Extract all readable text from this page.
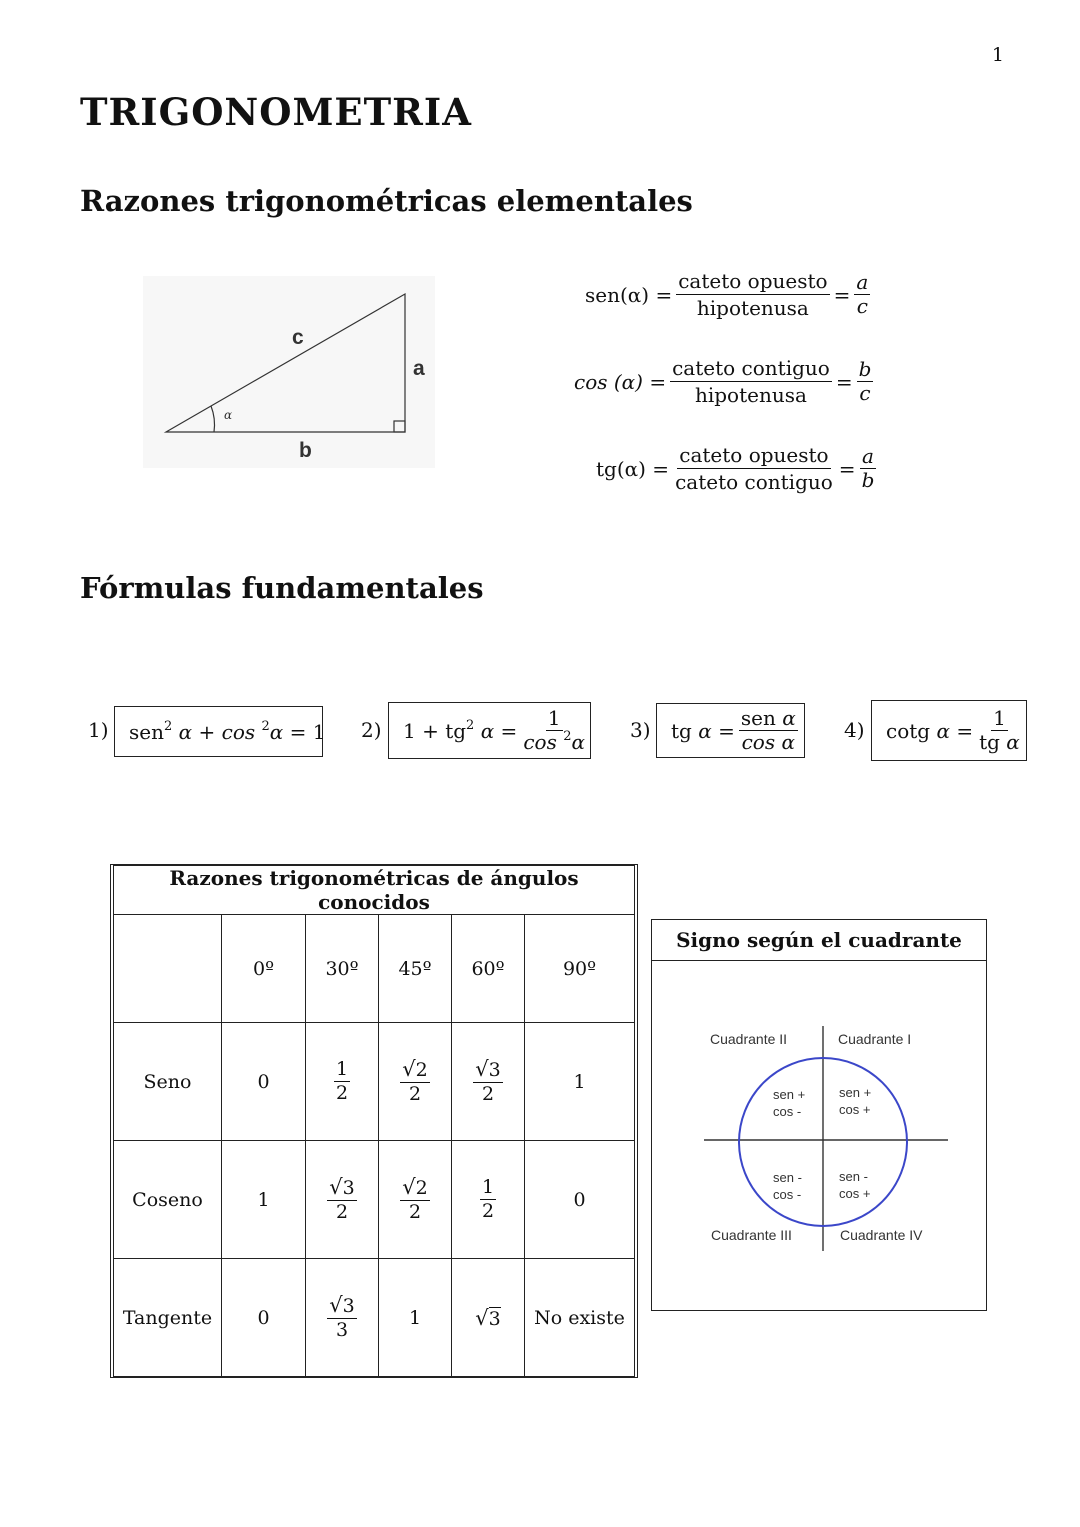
1
TRIGONOMETRIA
Razones trigonométricas elementales
c
a
b
α
$sen(\alpha) = \frac{\text{cateto opuesto}}{\text{hipotenusa}} = \frac{a}{c}$
$\cos (\alpha) = \frac{\text{cateto contiguo}}{\text{hipotenusa}} = \frac{b}{c}$
$tg(\alpha) = \frac{\text{cateto opuesto}}{\text{cateto contiguo}} = \frac{a}{b}$
Fórmulas fundamentales
1) sen$^2$ α + cos $^2$α = 1 2) $1 + tg^2$ $\alpha = \frac{1}{\cos ^2\alpha} 3$) tg $\alpha = \frac{\text{sen α}}{\text{cos α}} 4$) cotg $\alpha = \frac{1}{\text{tg α}}$
Razones trigonométricas de ángulos conocidos					
	0º	30º	45º	60º	90º
Seno	0	$\frac{1}{2}$	$\frac{√2}{2}$	$\frac{√3}{2}$	1
Coseno	1	$\frac{√3}{2}$	$\frac{√2}{2}$	$\frac{1}{2}$	0
Tangente	0	$\frac{√3}{3}$	1	√3	No existe
Signo según el cuadrante
Cuadrante II	Cuadrante I
Cuadrante III	Cuadrante IV
sen +
cos -
sen +
cos +
sen -
cos -
sen -
cos +
